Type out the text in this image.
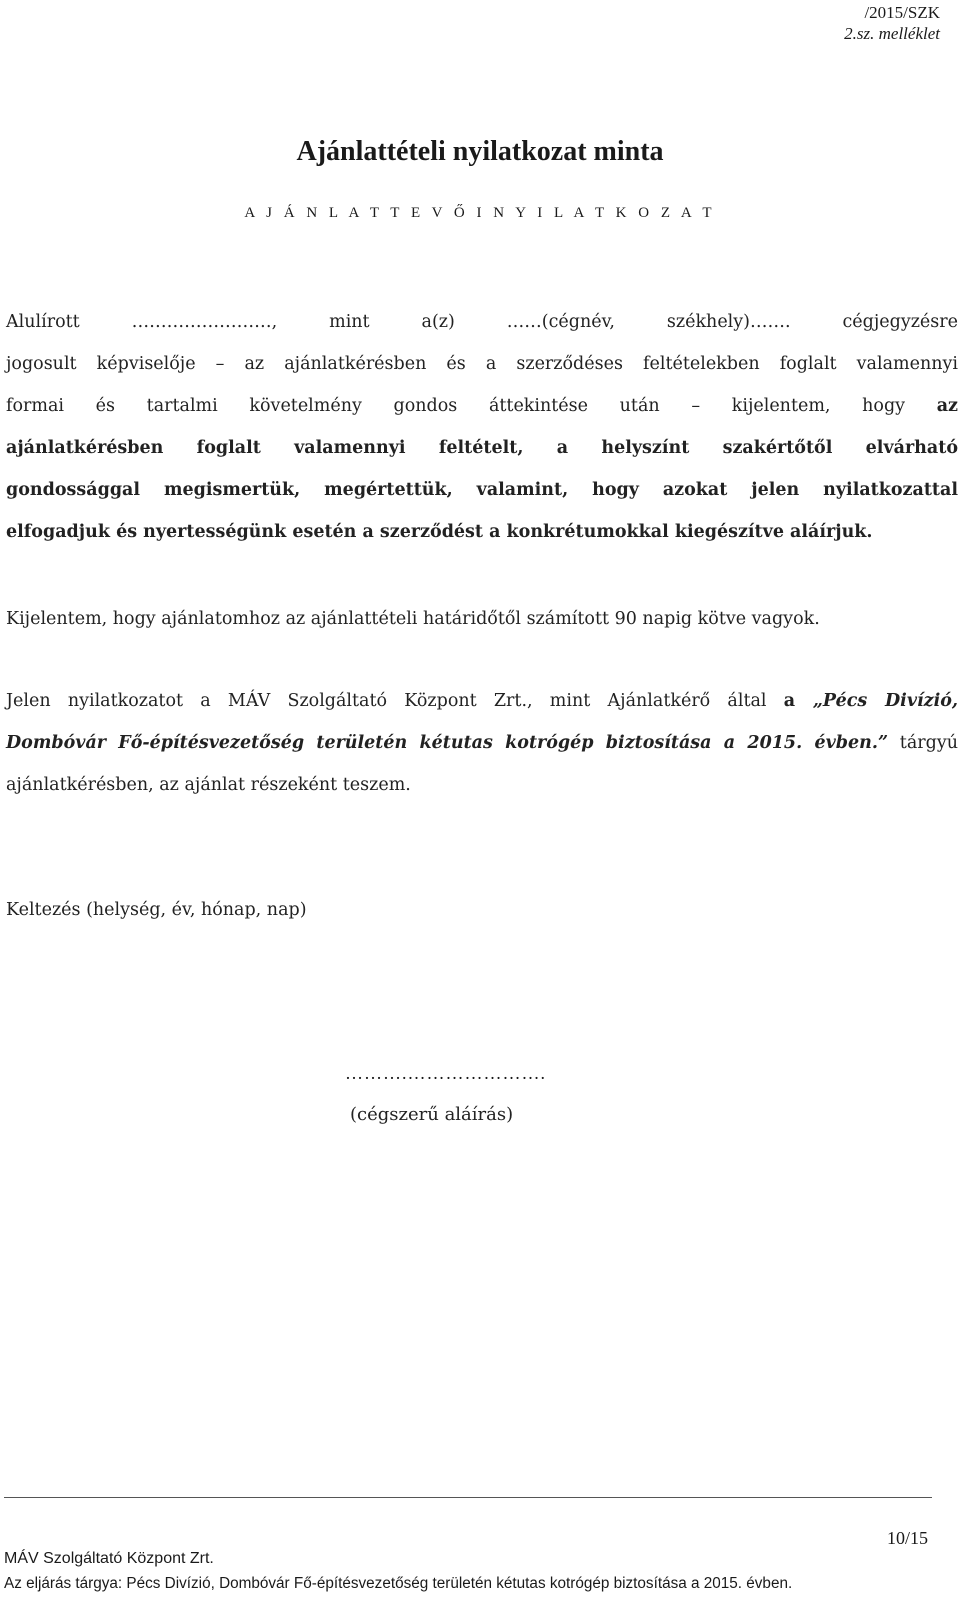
/2015/SZK
2.sz. melléklet
Ajánlattételi nyilatkozat minta
A J Á N L A T T E V Ő I N Y I L A T K O Z A T
Alulírott ……………………, mint a(z) ……(cégnév, székhely)……. cégjegyzésre
jogosult képviselője – az ajánlatkérésben és a szerződéses feltételekben foglalt valamennyi
formai és tartalmi követelmény gondos áttekintése után – kijelentem, hogy az
ajánlatkérésben foglalt valamennyi feltételt, a helyszínt szakértőtől elvárható
gondossággal megismertük, megértettük, valamint, hogy azokat jelen nyilatkozattal
elfogadjuk és nyertességünk esetén a szerződést a konkrétumokkal kiegészítve aláírjuk.
Kijelentem, hogy ajánlatomhoz az ajánlattételi határidőtől számított 90 napig kötve vagyok.
Jelen nyilatkozatot a MÁV Szolgáltató Központ Zrt., mint Ajánlatkérő által a „Pécs Divízió,
Dombóvár Fő-építésvezetőség területén kétutas kotrógép biztosítása a 2015. évben.” tárgyú
ajánlatkérésben, az ajánlat részeként teszem.
Keltezés (helység, év, hónap, nap)
……….………………….
(cégszerű aláírás)
10/15
MÁV Szolgáltató Központ Zrt.
Az eljárás tárgya: Pécs Divízió, Dombóvár Fő-építésvezetőség területén kétutas kotrógép biztosítása a 2015. évben.
